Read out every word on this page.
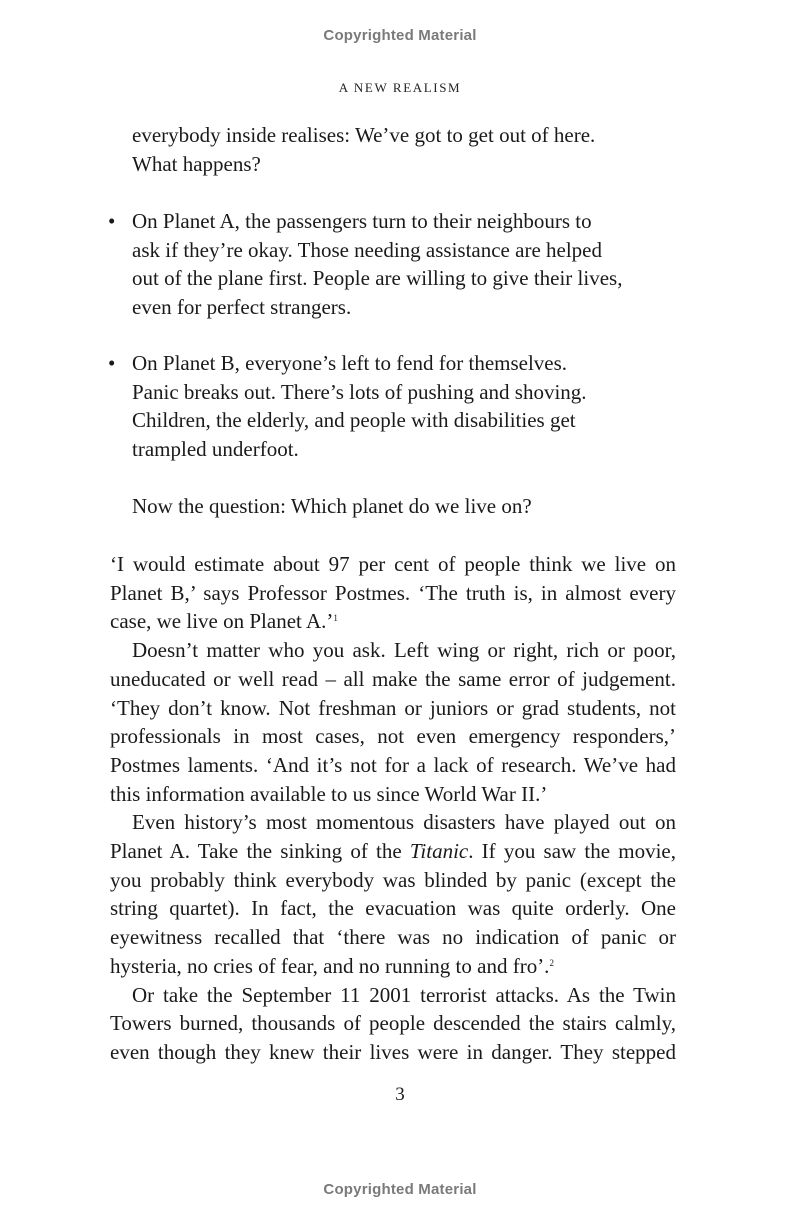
Copyrighted Material
A NEW REALISM

everybody inside realises: We’ve got to get out of here.

What happens?

• On Planet A, the passengers turn to their neighbours to

ask if they’re okay. Those needing assistance are helped

out of the plane first. People are willing to give their lives,

even for perfect strangers.

• On Planet B, everyone’s left to fend for themselves.

Panic breaks out. There’s lots of pushing and shoving.

Children, the elderly, and people with disabilities get

trampled underfoot.

Now the question: Which planet do we live on?

‘I would estimate about 97 per cent of people think we live on Planet B,’ says Professor Postmes. ‘The truth is, in almost every case, we live on Planet A.’$^1$

Doesn’t matter who you ask. Left wing or right, rich or poor, uneducated or well read – all make the same error of judgement. ‘They don’t know. Not freshman or juniors or grad students, not professionals in most cases, not even emergency responders,’ Postmes laments. ‘And it’s not for a lack of research. We’ve had this information available to us since World War II.’

Even history’s most momentous disasters have played out on Planet A. Take the sinking of the Titanic. If you saw the movie, you probably think everybody was blinded by panic (except the string quartet). In fact, the evacuation was quite orderly. One eyewitness recalled that ‘there was no indication of panic or hysteria, no cries of fear, and no running to and fro’.$^2$

Or take the September 11 2001 terrorist attacks. As the Twin Towers burned, thousands of people descended the stairs calmly, even though they knew their lives were in danger. They stepped

3
Copyrighted Material
